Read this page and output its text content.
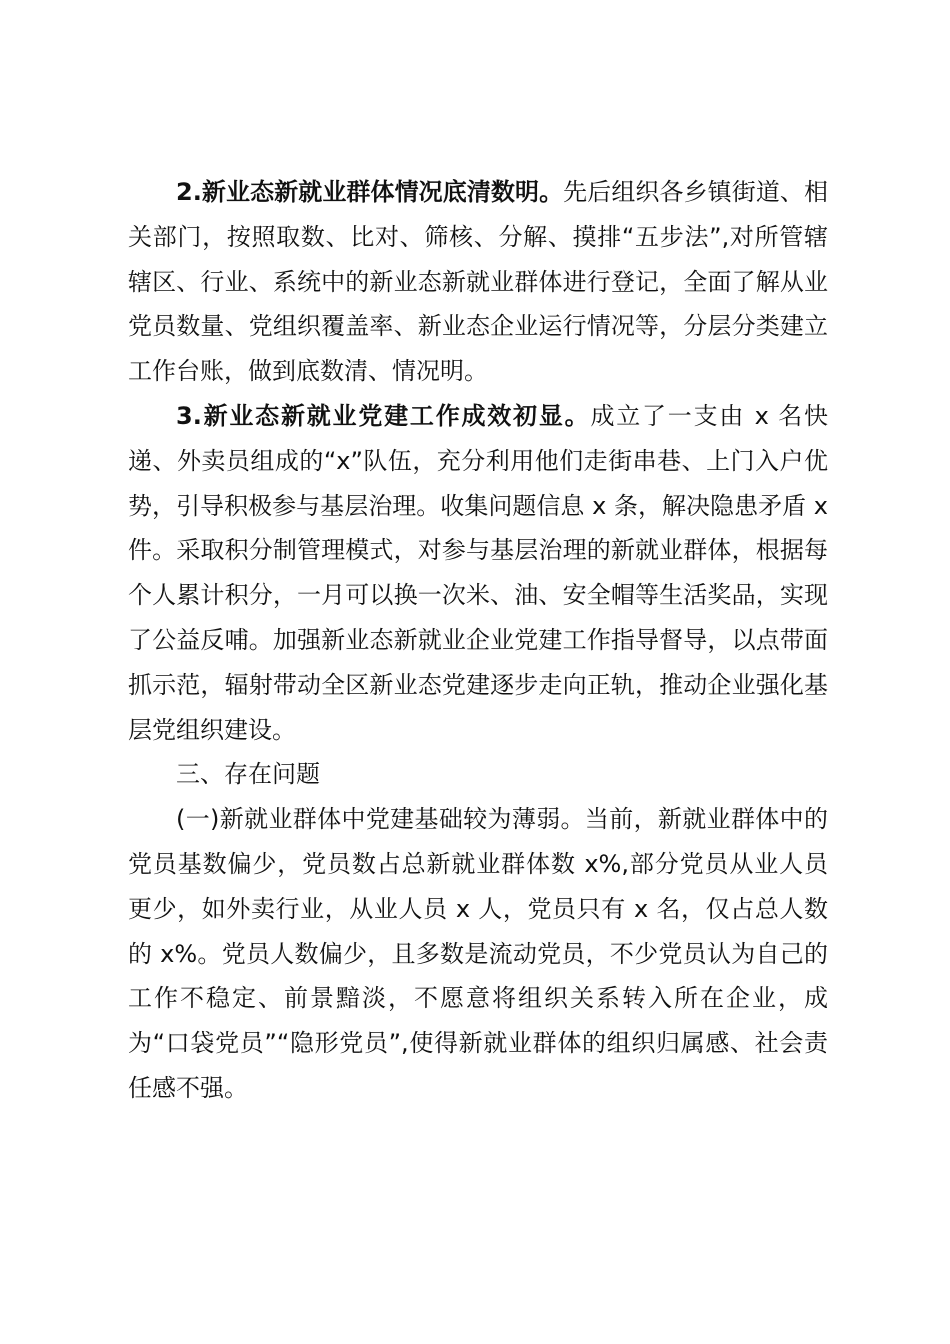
2.新业态新就业群体情况底清数明。先后组织各乡镇街道、相关部门，按照取数、比对、筛核、分解、摸排“五步法”,对所管辖辖区、行业、系统中的新业态新就业群体进行登记，全面了解从业党员数量、党组织覆盖率、新业态企业运行情况等，分层分类建立工作台账，做到底数清、情况明。

3.新业态新就业党建工作成效初显。成立了一支由 x 名快递、外卖员组成的“x”队伍，充分利用他们走街串巷、上门入户优势，引导积极参与基层治理。收集问题信息 x 条，解决隐患矛盾 x 件。采取积分制管理模式，对参与基层治理的新就业群体，根据每个人累计积分，一月可以换一次米、油、安全帽等生活奖品，实现了公益反哺。加强新业态新就业企业党建工作指导督导，以点带面抓示范，辐射带动全区新业态党建逐步走向正轨，推动企业强化基层党组织建设。

三、存在问题

(一)新就业群体中党建基础较为薄弱。当前，新就业群体中的党员基数偏少，党员数占总新就业群体数 x%,部分党员从业人员更少，如外卖行业，从业人员 x 人，党员只有 x 名，仅占总人数的 x%。党员人数偏少，且多数是流动党员，不少党员认为自己的工作不稳定、前景黯淡，不愿意将组织关系转入所在企业，成为“口袋党员”“隐形党员”,使得新就业群体的组织归属感、社会责任感不强。
